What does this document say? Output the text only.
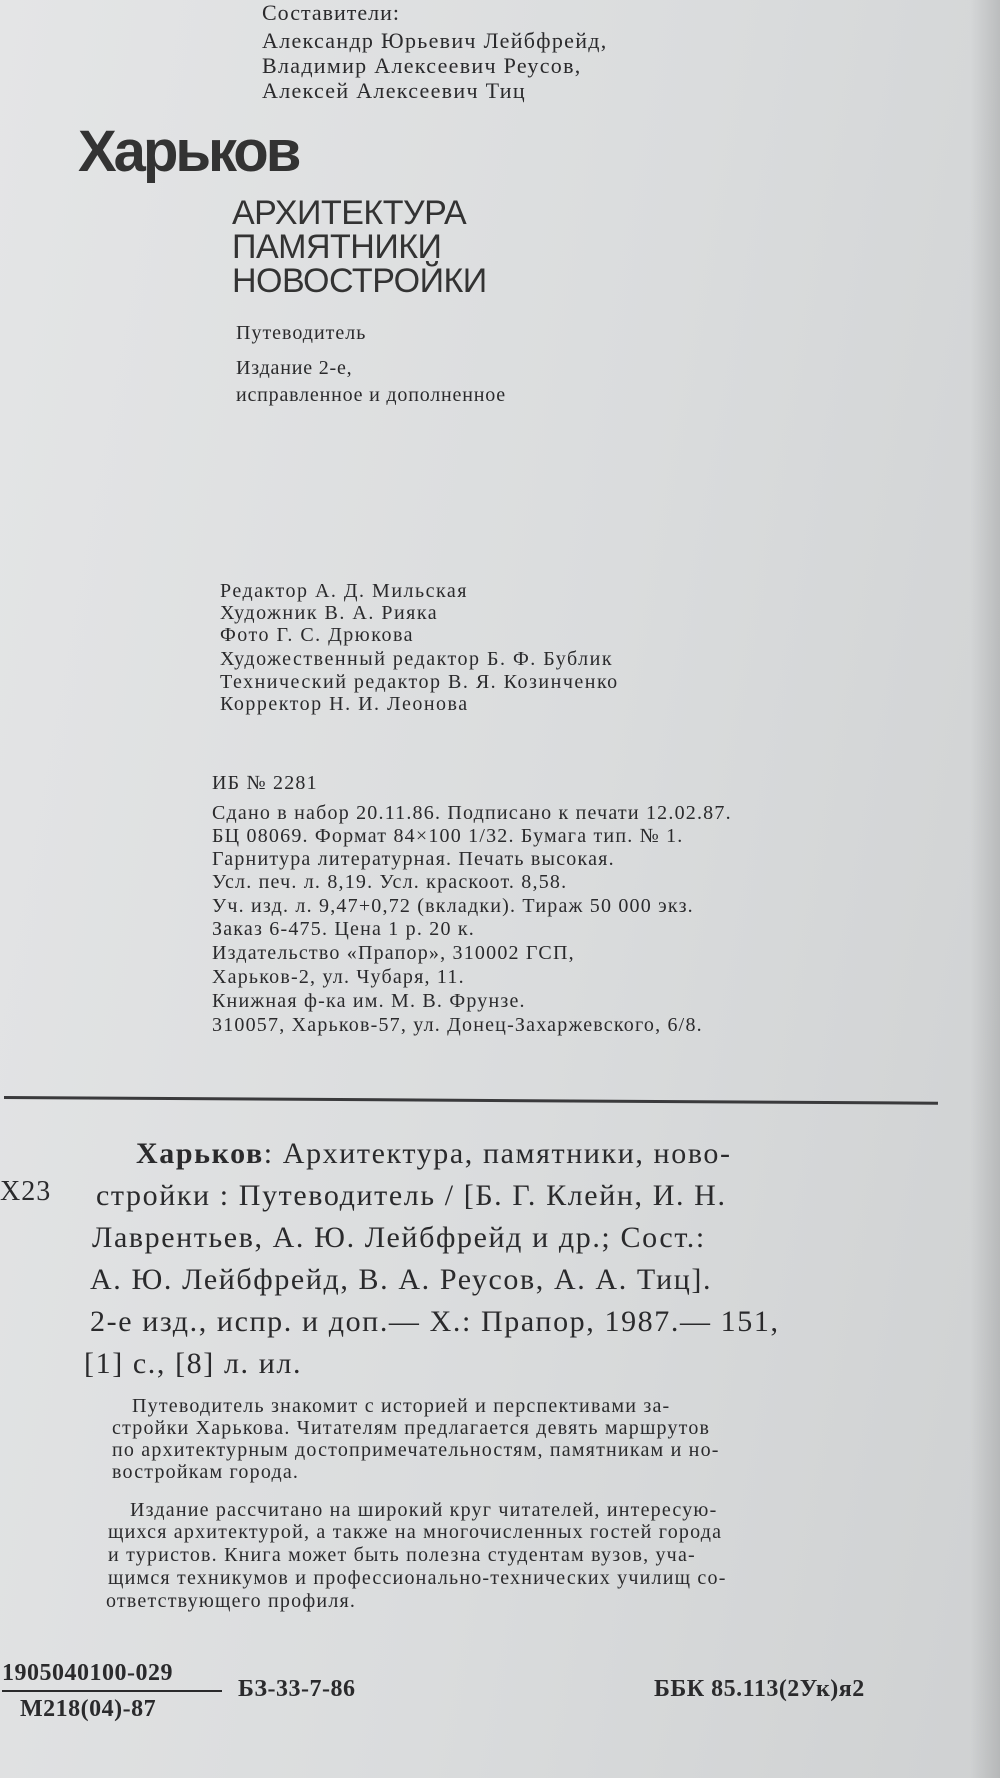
Составители:
Александр Юрьевич Лейбфрейд,
Владимир Алексеевич Реусов,
Алексей Алексеевич Тиц
Харьков
АРХИТЕКТУРА
ПАМЯТНИКИ
НОВОСТРОЙКИ
Путеводитель
Издание 2-е,
исправленное и дополненное
Редактор А. Д. Мильская
Художник В. А. Рияка
Фото Г. С. Дрюкова
Художественный редактор Б. Ф. Бублик
Технический редактор В. Я. Козинченко
Корректор Н. И. Леонова
ИБ № 2281
Сдано в набор 20.11.86. Подписано к печати 12.02.87.
БЦ 08069. Формат 84×100 1/32. Бумага тип. № 1.
Гарнитура литературная. Печать высокая.
Усл. печ. л. 8,19. Усл. краскоот. 8,58.
Уч. изд. л. 9,47+0,72 (вкладки). Тираж 50 000 экз.
Заказ 6-475. Цена 1 р. 20 к.
Издательство «Прапор», 310002 ГСП,
Харьков-2, ул. Чубаря, 11.
Книжная ф-ка им. М. В. Фрунзе.
310057, Харьков-57, ул. Донец-Захаржевского, 6/8.
Х23
Харьков: Архитектура, памятники, ново-
стройки : Путеводитель / [Б. Г. Клейн, И. Н.
Лаврентьев, А. Ю. Лейбфрейд и др.; Сост.:
А. Ю. Лейбфрейд, В. А. Реусов, А. А. Тиц].
2-е изд., испр. и доп.— Х.: Прапор, 1987.— 151,
[1] с., [8] л. ил.
Путеводитель знакомит с историей и перспективами за-
стройки Харькова. Читателям предлагается девять маршрутов
по архитектурным достопримечательностям, памятникам и но-
востройкам города.
Издание рассчитано на широкий круг читателей, интересую-
щихся архитектурой, а также на многочисленных гостей города
и туристов. Книга может быть полезна студентам вузов, уча-
щимся техникумов и профессионально-технических училищ со-
ответствующего профиля.
1905040100-029
М218(04)-87
БЗ-33-7-86	ББК 85.113(2Ук)я2
